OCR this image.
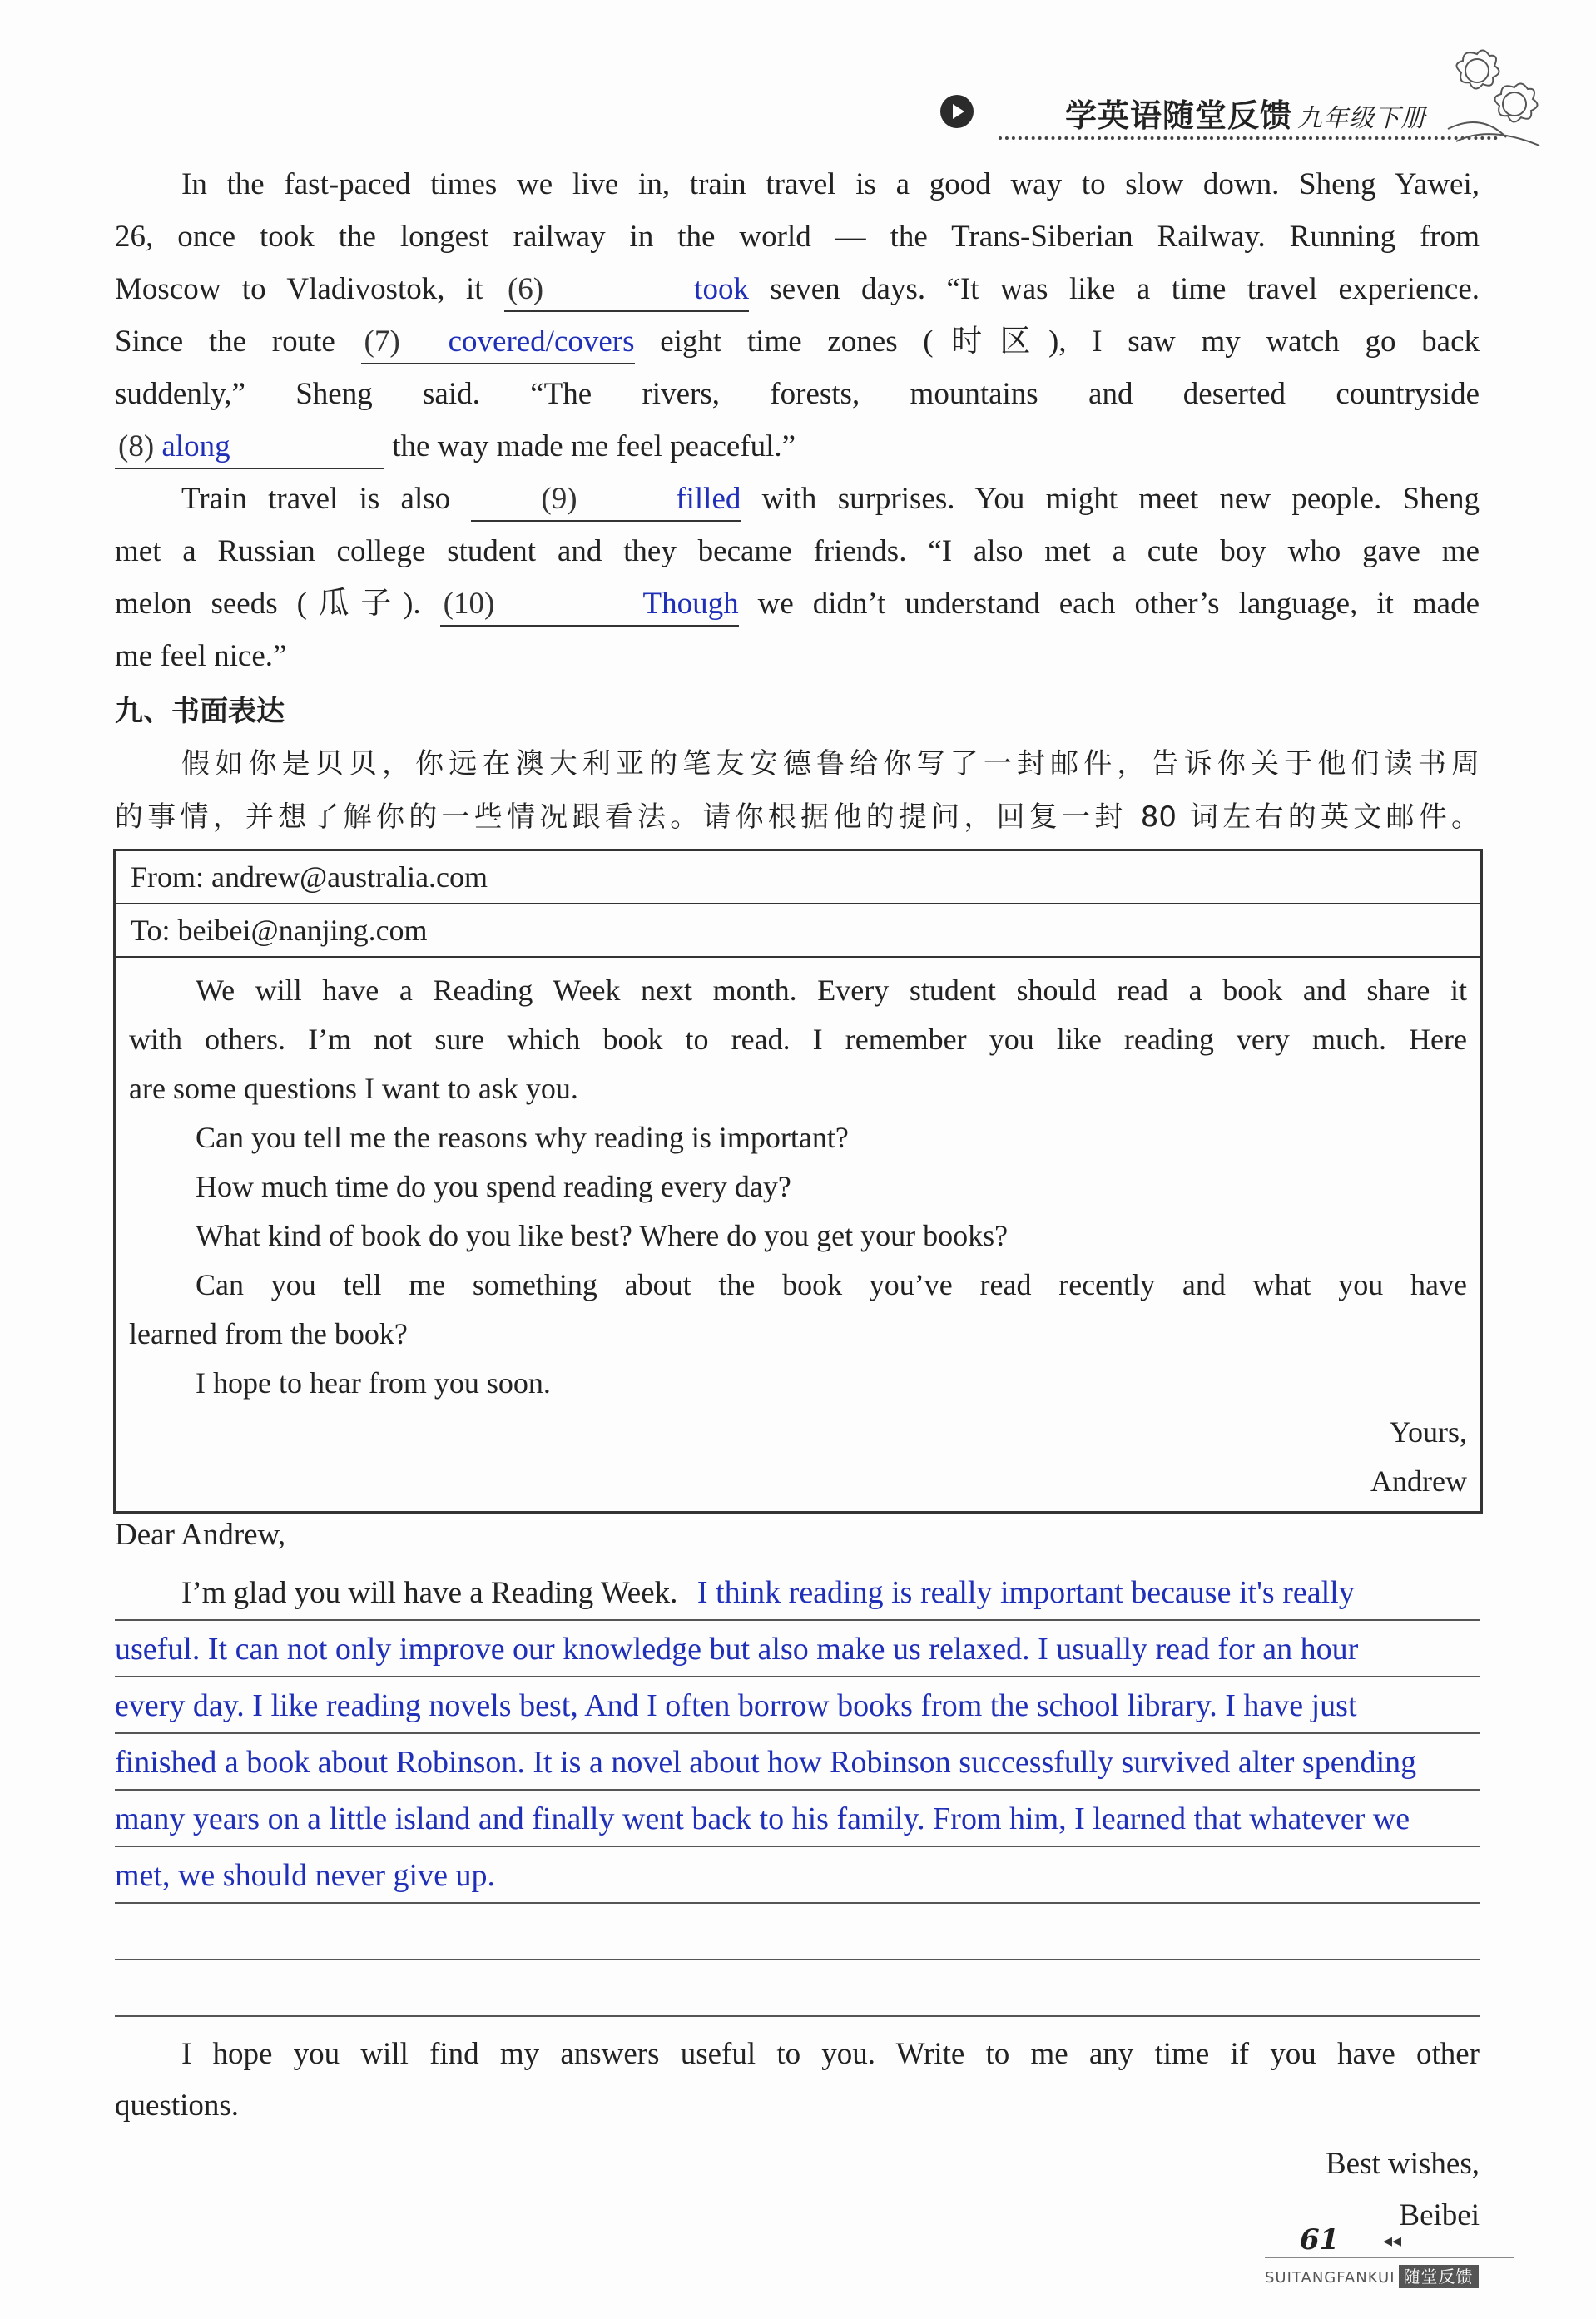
学英语随堂反馈 九年级下册

In the fast-paced times we live in, train travel is a good way to slow down. Sheng Yawei,

26, once took the longest railway in the world — the Trans-Siberian Railway. Running from

Moscow to Vladivostok, it (6) took seven days. “It was like a time travel experience.

Since the route (7) covered/covers eight time zones (时区), I saw my watch go back

suddenly,” Sheng said. “The rivers, forests, mountains and deserted countryside

(8) along	the way made me feel peaceful.”

Train travel is also	(9) filled with surprises. You might meet new people. Sheng

met a Russian college student and they became friends. “I also met a cute boy who gave me

melon seeds (瓜子). (10) Though we didn’t understand each other’s language, it made

me feel nice.”

九、书面表达

假如你是贝贝，你远在澳大利亚的笔友安德鲁给你写了一封邮件，告诉你关于他们读书周

的事情，并想了解你的一些情况跟看法。请你根据他的提问，回复一封 80 词左右的英文邮件。

From: andrew@australia.com
To: beibei@nanjing.com

We will have a Reading Week next month. Every student should read a book and share it

with others. I’m not sure which book to read. I remember you like reading very much. Here

are some questions I want to ask you.

Can you tell me the reasons why reading is important?

How much time do you spend reading every day?

What kind of book do you like best? Where do you get your books?

Can you tell me something about the book you’ve read recently and what you have

learned from the book?

I hope to hear from you soon.

Yours,

Andrew

Dear Andrew,
I’m glad you will have a Reading Week. I think reading is really important because it's really
useful. It can not only improve our knowledge but also make us relaxed. I usually read for an hour
every day. I like reading novels best, And I often borrow books from the school library. I have just
finished a book about Robinson. It is a novel about how Robinson successfully survived alter spending
many years on a little island and finally went back to his family. From him, I learned that whatever we
met, we should never give up.

I hope you will find my answers useful to you. Write to me any time if you have other

questions.

Best wishes,
Beibei
61 ◂◂
SUITANGFANKUI 随堂反馈
